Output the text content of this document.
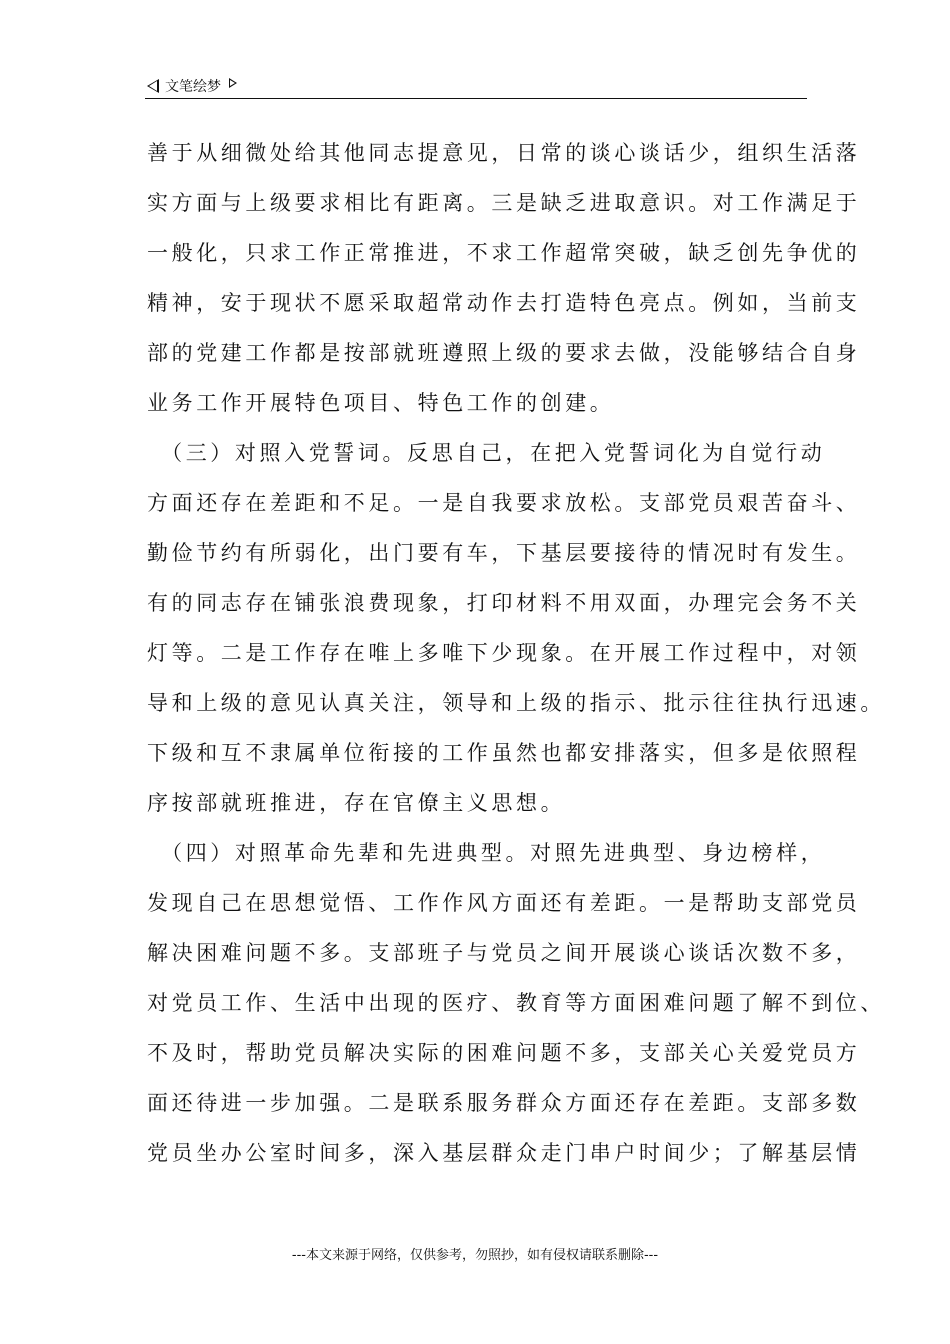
文笔绘梦
善于从细微处给其他同志提意见，日常的谈心谈话少，组织生活落
实方面与上级要求相比有距离。三是缺乏进取意识。对工作满足于
一般化，只求工作正常推进，不求工作超常突破，缺乏创先争优的
精神，安于现状不愿采取超常动作去打造特色亮点。例如，当前支
部的党建工作都是按部就班遵照上级的要求去做，没能够结合自身
业务工作开展特色项目、特色工作的创建。
　（三）对照入党誓词。反思自己，在把入党誓词化为自觉行动
方面还存在差距和不足。一是自我要求放松。支部党员艰苦奋斗、
勤俭节约有所弱化，出门要有车，下基层要接待的情况时有发生。
有的同志存在铺张浪费现象，打印材料不用双面，办理完会务不关
灯等。二是工作存在唯上多唯下少现象。在开展工作过程中，对领
导和上级的意见认真关注，领导和上级的指示、批示往往执行迅速。
下级和互不隶属单位衔接的工作虽然也都安排落实，但多是依照程
序按部就班推进，存在官僚主义思想。
　（四）对照革命先辈和先进典型。对照先进典型、身边榜样，
发现自己在思想觉悟、工作作风方面还有差距。一是帮助支部党员
解决困难问题不多。支部班子与党员之间开展谈心谈话次数不多，
对党员工作、生活中出现的医疗、教育等方面困难问题了解不到位、
不及时，帮助党员解决实际的困难问题不多，支部关心关爱党员方
面还待进一步加强。二是联系服务群众方面还存在差距。支部多数
党员坐办公室时间多，深入基层群众走门串户时间少；了解基层情
---本文来源于网络，仅供参考，勿照抄，如有侵权请联系删除---
